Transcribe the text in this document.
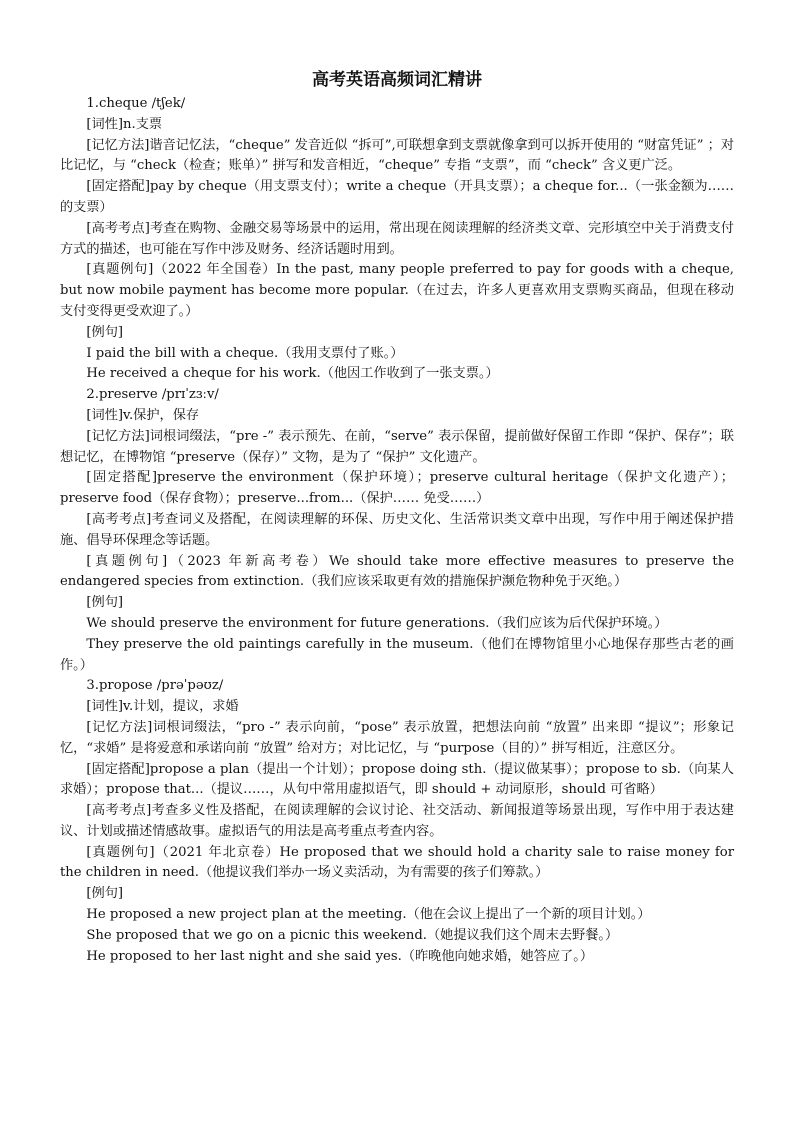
高考英语高频词汇精讲

1.cheque /tʃek/

[词性]n.支票

[记忆方法]谐音记忆法，“cheque” 发音近似 “拆可”,可联想拿到支票就像拿到可以拆开使用的 “财富凭证” ；对比记忆，与 “check（检查；账单）” 拼写和发音相近，“cheque” 专指 “支票”，而 “check” 含义更广泛。

[固定搭配]pay by cheque（用支票支付）；write a cheque（开具支票）；a cheque for...（一张金额为…… 的支票）

[高考考点]考查在购物、金融交易等场景中的运用，常出现在阅读理解的经济类文章、完形填空中关于消费支付方式的描述，也可能在写作中涉及财务、经济话题时用到。

[真题例句]（2022 年全国卷）In the past, many people preferred to pay for goods with a cheque, but now mobile payment has become more popular.（在过去，许多人更喜欢用支票购买商品，但现在移动支付变得更受欢迎了。）

[例句]

I paid the bill with a cheque.（我用支票付了账。）

He received a cheque for his work.（他因工作收到了一张支票。）

2.preserve /prɪˈzɜːv/

[词性]v.保护，保存

[记忆方法]词根词缀法，“pre -” 表示预先、在前，“serve” 表示保留，提前做好保留工作即 “保护、保存”；联想记忆，在博物馆 “preserve（保存）” 文物，是为了 “保护” 文化遗产。

[固定搭配]preserve the environment（保护环境）；preserve cultural heritage（保护文化遗产）；preserve food（保存食物）；preserve...from...（保护…… 免受……）

[高考考点]考查词义及搭配，在阅读理解的环保、历史文化、生活常识类文章中出现，写作中用于阐述保护措施、倡导环保理念等话题。

[真题例句]（2023 年新高考卷）We should take more effective measures to preserve the endangered species from extinction.（我们应该采取更有效的措施保护濒危物种免于灭绝。）

[例句]

We should preserve the environment for future generations.（我们应该为后代保护环境。）

They preserve the old paintings carefully in the museum.（他们在博物馆里小心地保存那些古老的画作。）

3.propose /prəˈpəʊz/

[词性]v.计划，提议，求婚

[记忆方法]词根词缀法，“pro -” 表示向前，“pose” 表示放置，把想法向前 “放置” 出来即 “提议”；形象记忆，“求婚” 是将爱意和承诺向前 “放置” 给对方；对比记忆，与 “purpose（目的）” 拼写相近，注意区分。

[固定搭配]propose a plan（提出一个计划）；propose doing sth.（提议做某事）；propose to sb.（向某人求婚）；propose that...（提议……，从句中常用虚拟语气，即 should + 动词原形，should 可省略）

[高考考点]考查多义性及搭配，在阅读理解的会议讨论、社交活动、新闻报道等场景出现，写作中用于表达建议、计划或描述情感故事。虚拟语气的用法是高考重点考查内容。

[真题例句]（2021 年北京卷）He proposed that we should hold a charity sale to raise money for the children in need.（他提议我们举办一场义卖活动，为有需要的孩子们筹款。）

[例句]

He proposed a new project plan at the meeting.（他在会议上提出了一个新的项目计划。）

She proposed that we go on a picnic this weekend.（她提议我们这个周末去野餐。）

He proposed to her last night and she said yes.（昨晚他向她求婚，她答应了。）
